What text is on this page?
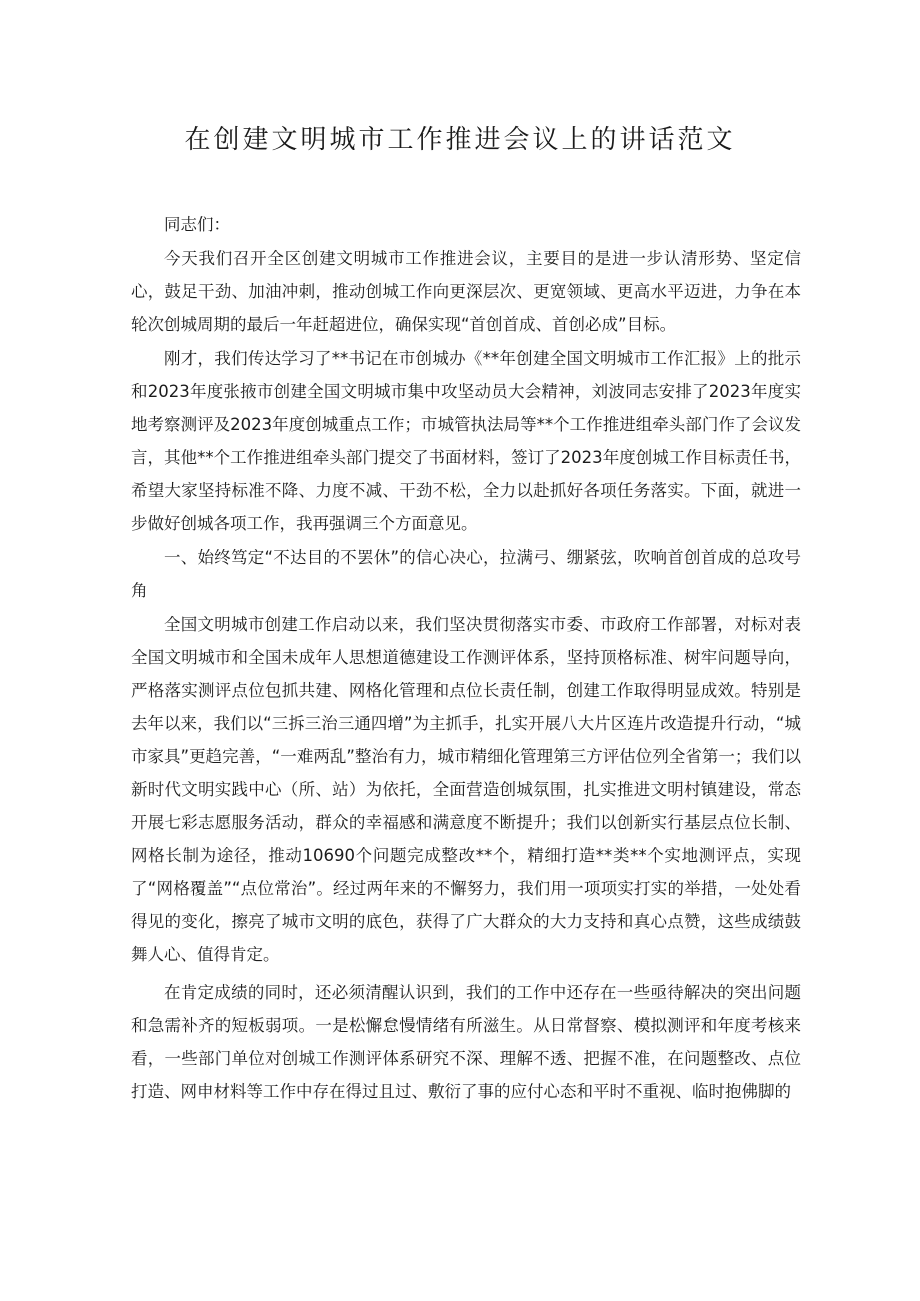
在创建文明城市工作推进会议上的讲话范文

同志们：

今天我们召开全区创建文明城市工作推进会议，主要目的是进一步认清形势、坚定信心，鼓足干劲、加油冲刺，推动创城工作向更深层次、更宽领域、更高水平迈进，力争在本轮次创城周期的最后一年赶超进位，确保实现“首创首成、首创必成”目标。

刚才，我们传达学习了**书记在市创城办《**年创建全国文明城市工作汇报》上的批示和2023年度张掖市创建全国文明城市集中攻坚动员大会精神，刘波同志安排了2023年度实地考察测评及2023年度创城重点工作；市城管执法局等**个工作推进组牵头部门作了会议发言，其他**个工作推进组牵头部门提交了书面材料，签订了2023年度创城工作目标责任书，希望大家坚持标准不降、力度不减、干劲不松，全力以赴抓好各项任务落实。下面，就进一步做好创城各项工作，我再强调三个方面意见。

一、始终笃定“不达目的不罢休”的信心决心，拉满弓、绷紧弦，吹响首创首成的总攻号角

全国文明城市创建工作启动以来，我们坚决贯彻落实市委、市政府工作部署，对标对表全国文明城市和全国未成年人思想道德建设工作测评体系，坚持顶格标准、树牢问题导向，严格落实测评点位包抓共建、网格化管理和点位长责任制，创建工作取得明显成效。特别是去年以来，我们以“三拆三治三通四增”为主抓手，扎实开展八大片区连片改造提升行动，“城市家具”更趋完善，“一难两乱”整治有力，城市精细化管理第三方评估位列全省第一；我们以新时代文明实践中心（所、站）为依托，全面营造创城氛围，扎实推进文明村镇建设，常态开展七彩志愿服务活动，群众的幸福感和满意度不断提升；我们以创新实行基层点位长制、网格长制为途径，推动10690个问题完成整改**个，精细打造**类**个实地测评点，实现了“网格覆盖”“点位常治”。经过两年来的不懈努力，我们用一项项实打实的举措，一处处看得见的变化，擦亮了城市文明的底色，获得了广大群众的大力支持和真心点赞，这些成绩鼓舞人心、值得肯定。

在肯定成绩的同时，还必须清醒认识到，我们的工作中还存在一些亟待解决的突出问题和急需补齐的短板弱项。一是松懈怠慢情绪有所滋生。从日常督察、模拟测评和年度考核来看，一些部门单位对创城工作测评体系研究不深、理解不透、把握不准，在问题整改、点位打造、网申材料等工作中存在得过且过、敷衍了事的应付心态和平时不重视、临时抱佛脚的
